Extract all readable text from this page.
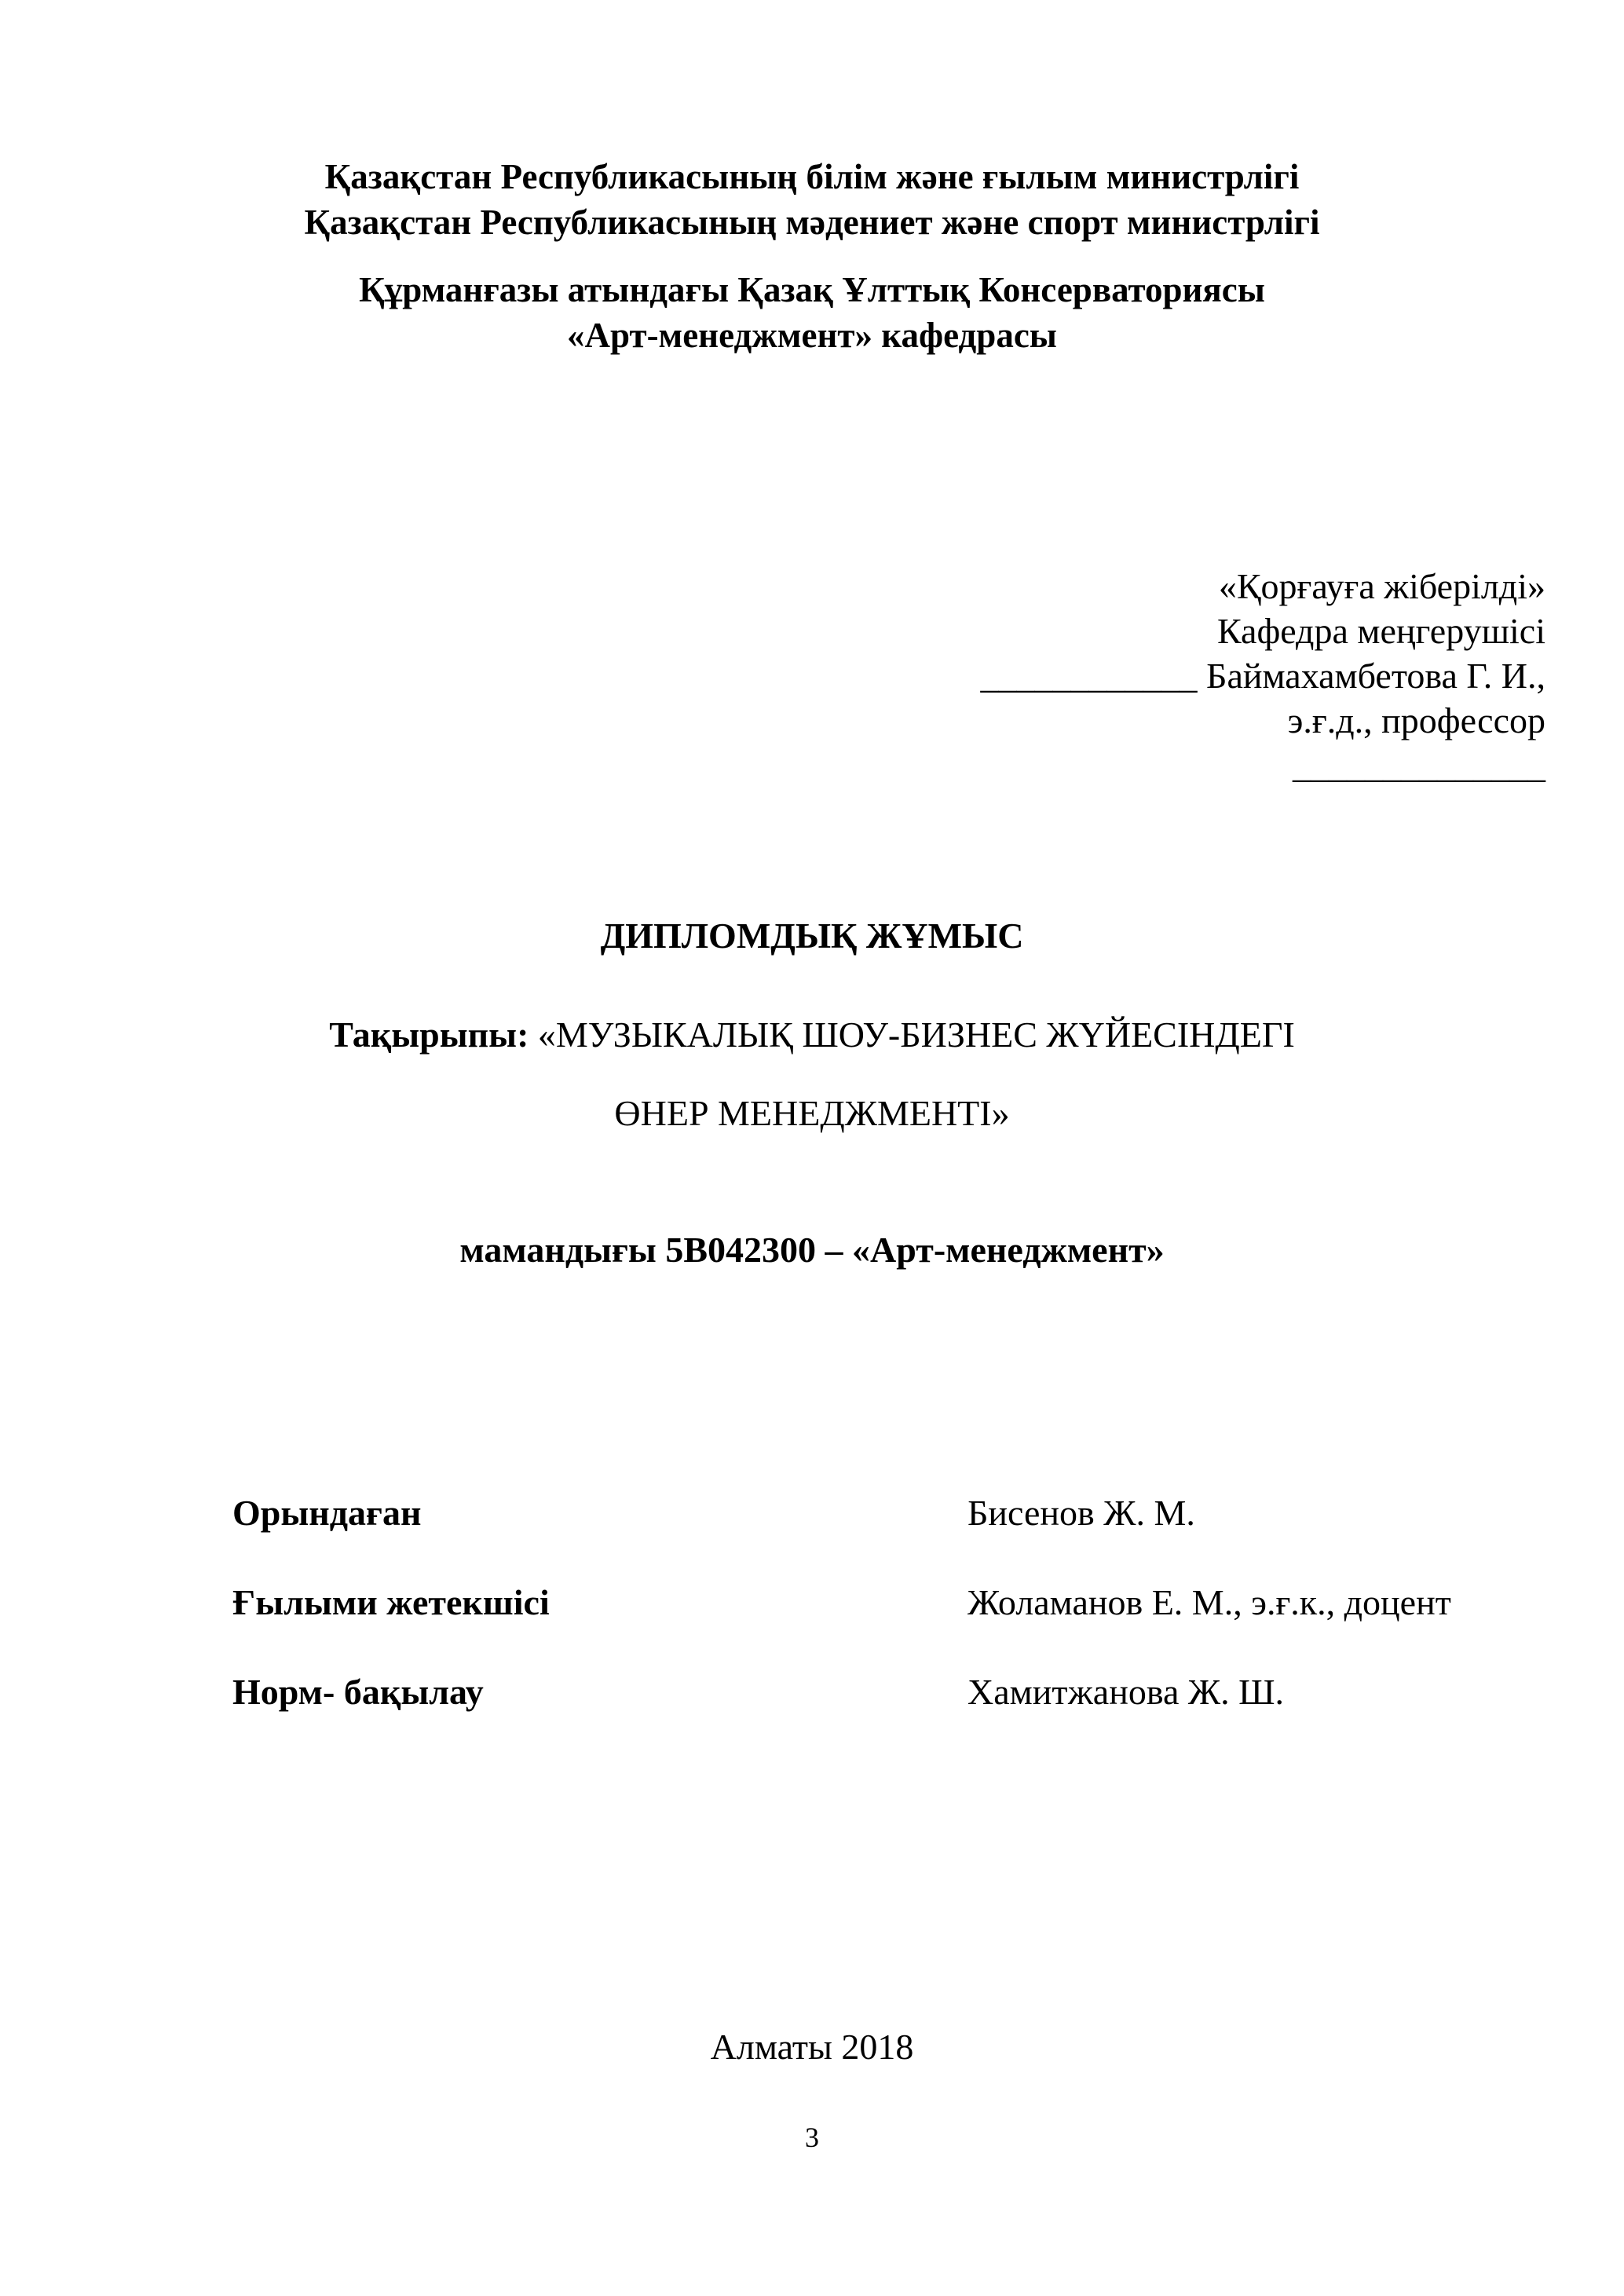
Қазақстан Республикасының білім және ғылым министрлігі
Қазақстан Республикасының мәдениет және спорт министрлігі
Құрманғазы атындағы Қазақ Ұлттық Консерваториясы
«Арт-менеджмент» кафедрасы
«Қорғауға жіберілді»
Кафедра меңгерушісі
____________ Баймахамбетова Г. И.,
э.ғ.д., профессор
______________
ДИПЛОМДЫҚ ЖҰМЫС
Тақырыпы: «МУЗЫКАЛЫҚ ШОУ-БИЗНЕС ЖҮЙЕСІНДЕГІ
ӨНЕР МЕНЕДЖМЕНТІ»
мамандығы 5В042300 – «Арт-менеджмент»
Орындаған	Бисенов Ж. М.
Ғылыми жетекшісі	Жоламанов Е. М., э.ғ.к., доцент
Норм- бақылау	Хамитжанова Ж. Ш.
Алматы 2018
3
